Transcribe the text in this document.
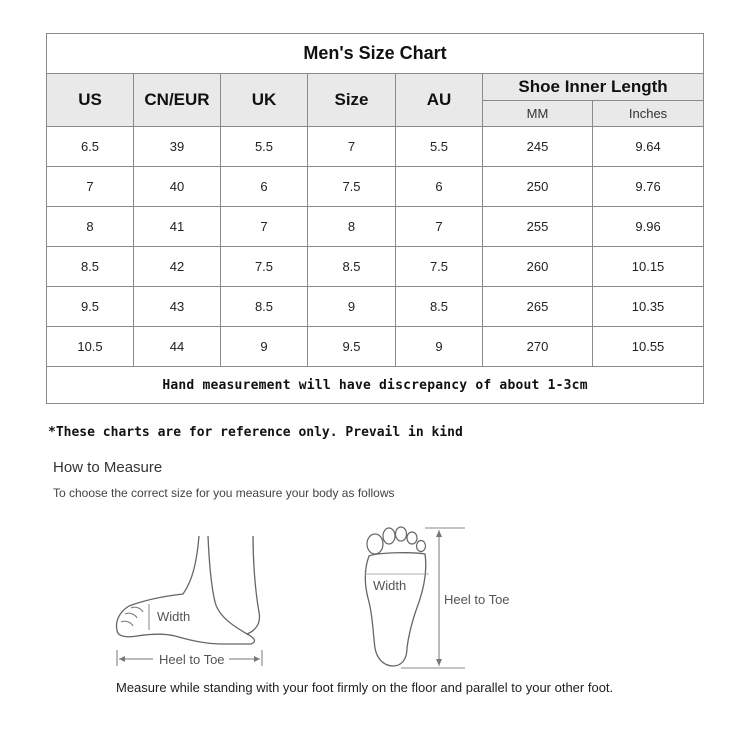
Men's Size Chart						
US	CN/EUR	UK	Size	AU	Shoe Inner Length	
					MM	Inches
6.5	39	5.5	7	5.5	245	9.64
7	40	6	7.5	6	250	9.76
8	41	7	8	7	255	9.96
8.5	42	7.5	8.5	7.5	260	10.15
9.5	43	8.5	9	8.5	265	10.35
10.5	44	9	9.5	9	270	10.55
Hand measurement will have discrepancy of about 1-3cm						
*These charts are for reference only. Prevail in kind
How to Measure
To choose the correct size for you measure your body as follows
Width
Heel to Toe
Width
Heel to Toe
Measure while standing with your foot firmly on the floor and parallel to your other foot.
